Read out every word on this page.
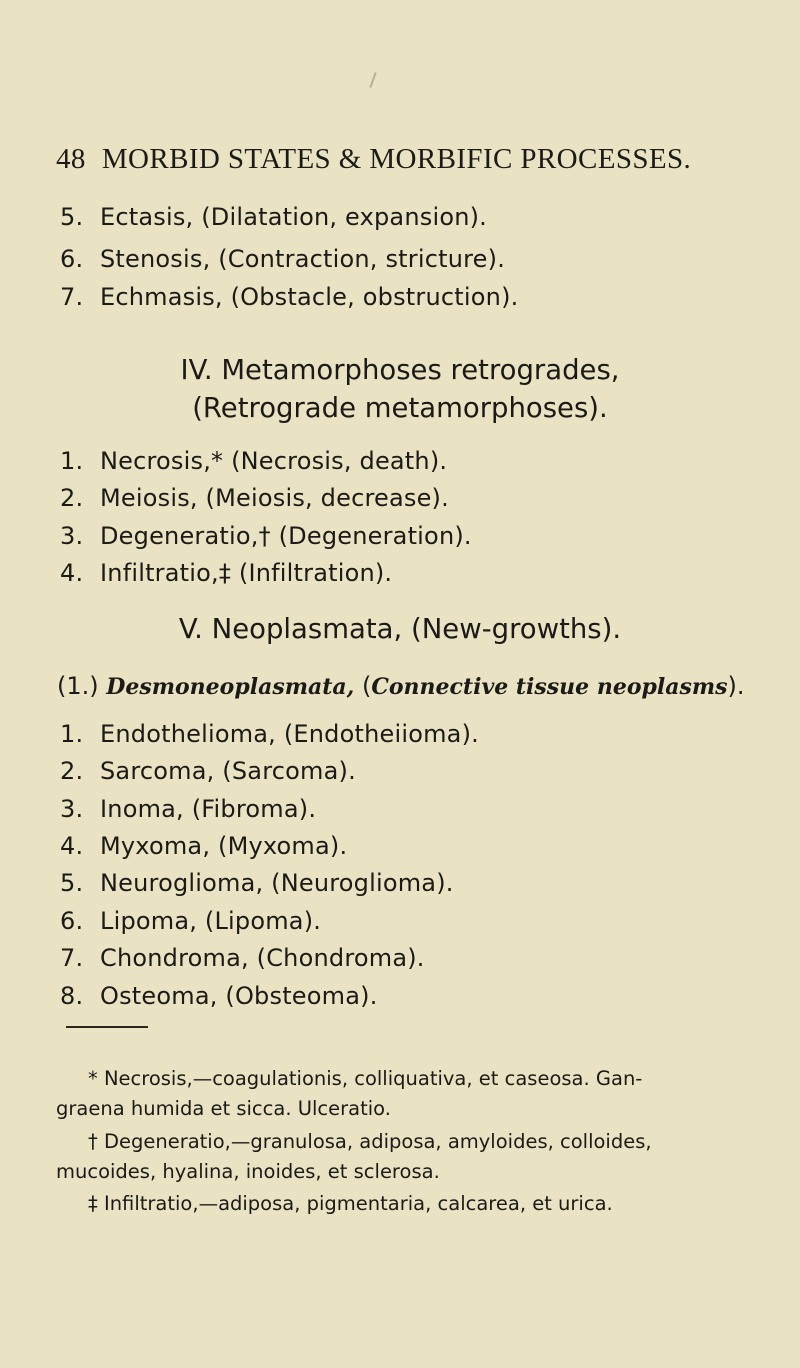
48 MORBID STATES & MORBIFIC PROCESSES.
5. Ectasis, (Dilatation, expansion).
6. Stenosis, (Contraction, stricture).
7. Echmasis, (Obstacle, obstruction).
IV. Metamorphoses retrogrades,
(Retrograde metamorphoses).
1. Necrosis,* (Necrosis, death).
2. Meiosis, (Meiosis, decrease).
3. Degeneratio,† (Degeneration).
4. Infiltratio,‡ (Infiltration).
V. Neoplasmata, (New-growths).
(1.) Desmoneoplasmata, (Connective tissue neoplasms).
1. Endothelioma, (Endotheiioma).
2. Sarcoma, (Sarcoma).
3. Inoma, (Fibroma).
4. Myxoma, (Myxoma).
5. Neuroglioma, (Neuroglioma).
6. Lipoma, (Lipoma).
7. Chondroma, (Chondroma).
8. Osteoma, (Obsteoma).
* Necrosis,—coagulationis, colliquativa, et caseosa. Gan-
graena humida et sicca. Ulceratio.
† Degeneratio,—granulosa, adiposa, amyloides, colloides,
mucoides, hyalina, inoides, et sclerosa.
‡ Infiltratio,—adiposa, pigmentaria, calcarea, et urica.
